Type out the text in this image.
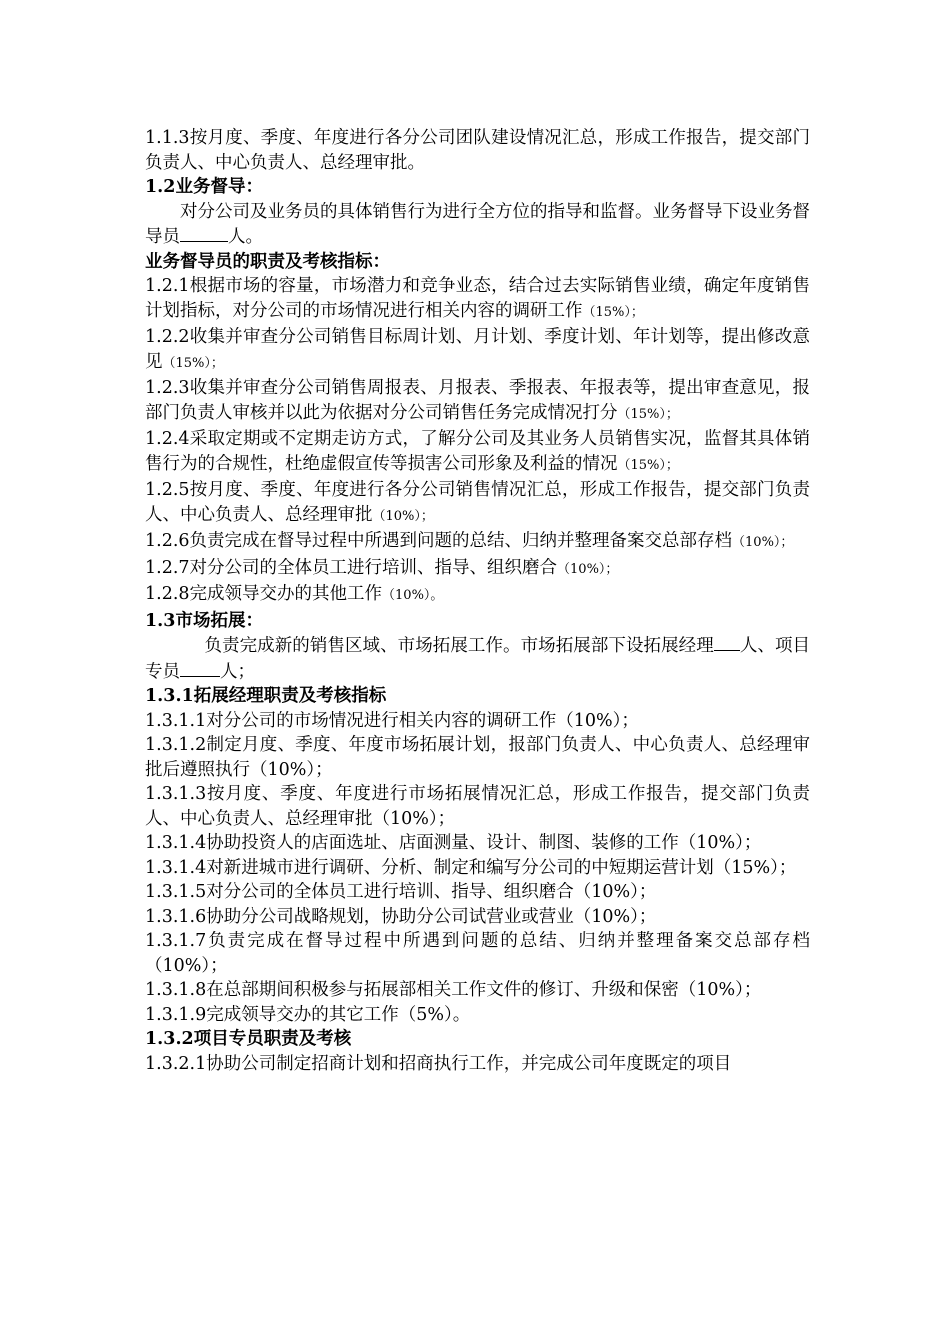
1.1.3按月度、季度、年度进行各分公司团队建设情况汇总，形成工作报告，提交部门负责人、中心负责人、总经理审批。

1.2业务督导：

对分公司及业务员的具体销售行为进行全方位的指导和监督。业务督导下设业务督导员	人。

业务督导员的职责及考核指标：

1.2.1根据市场的容量，市场潜力和竞争业态，结合过去实际销售业绩，确定年度销售计划指标，对分公司的市场情况进行相关内容的调研工作（15%）；

1.2.2收集并审查分公司销售目标周计划、月计划、季度计划、年计划等，提出修改意见（15%）；

1.2.3收集并审查分公司销售周报表、月报表、季报表、年报表等，提出审查意见，报部门负责人审核并以此为依据对分公司销售任务完成情况打分（15%）；

1.2.4采取定期或不定期走访方式，了解分公司及其业务人员销售实况，监督其具体销售行为的合规性，杜绝虚假宣传等损害公司形象及利益的情况（15%）；

1.2.5按月度、季度、年度进行各分公司销售情况汇总，形成工作报告，提交部门负责人、中心负责人、总经理审批（10%）；

1.2.6负责完成在督导过程中所遇到问题的总结、归纳并整理备案交总部存档（10%）；

1.2.7对分公司的全体员工进行培训、指导、组织磨合（10%）；

1.2.8完成领导交办的其他工作（10%）。

1.3市场拓展：

负责完成新的销售区域、市场拓展工作。市场拓展部下设拓展经理 人、项目专员 人；

1.3.1拓展经理职责及考核指标

1.3.1.1对分公司的市场情况进行相关内容的调研工作（10%）；

1.3.1.2制定月度、季度、年度市场拓展计划，报部门负责人、中心负责人、总经理审批后遵照执行（10%）；

1.3.1.3按月度、季度、年度进行市场拓展情况汇总，形成工作报告，提交部门负责人、中心负责人、总经理审批（10%）；

1.3.1.4协助投资人的店面选址、店面测量、设计、制图、装修的工作（10%）；

1.3.1.4对新进城市进行调研、分析、制定和编写分公司的中短期运营计划（15%）；

1.3.1.5对分公司的全体员工进行培训、指导、组织磨合（10%）；

1.3.1.6协助分公司战略规划，协助分公司试营业或营业（10%）；

1.3.1.7负责完成在督导过程中所遇到问题的总结、归纳并整理备案交总部存档（10%）；

1.3.1.8在总部期间积极参与拓展部相关工作文件的修订、升级和保密（10%）；

1.3.1.9完成领导交办的其它工作（5%）。

1.3.2项目专员职责及考核

1.3.2.1协助公司制定招商计划和招商执行工作，并完成公司年度既定的项目
